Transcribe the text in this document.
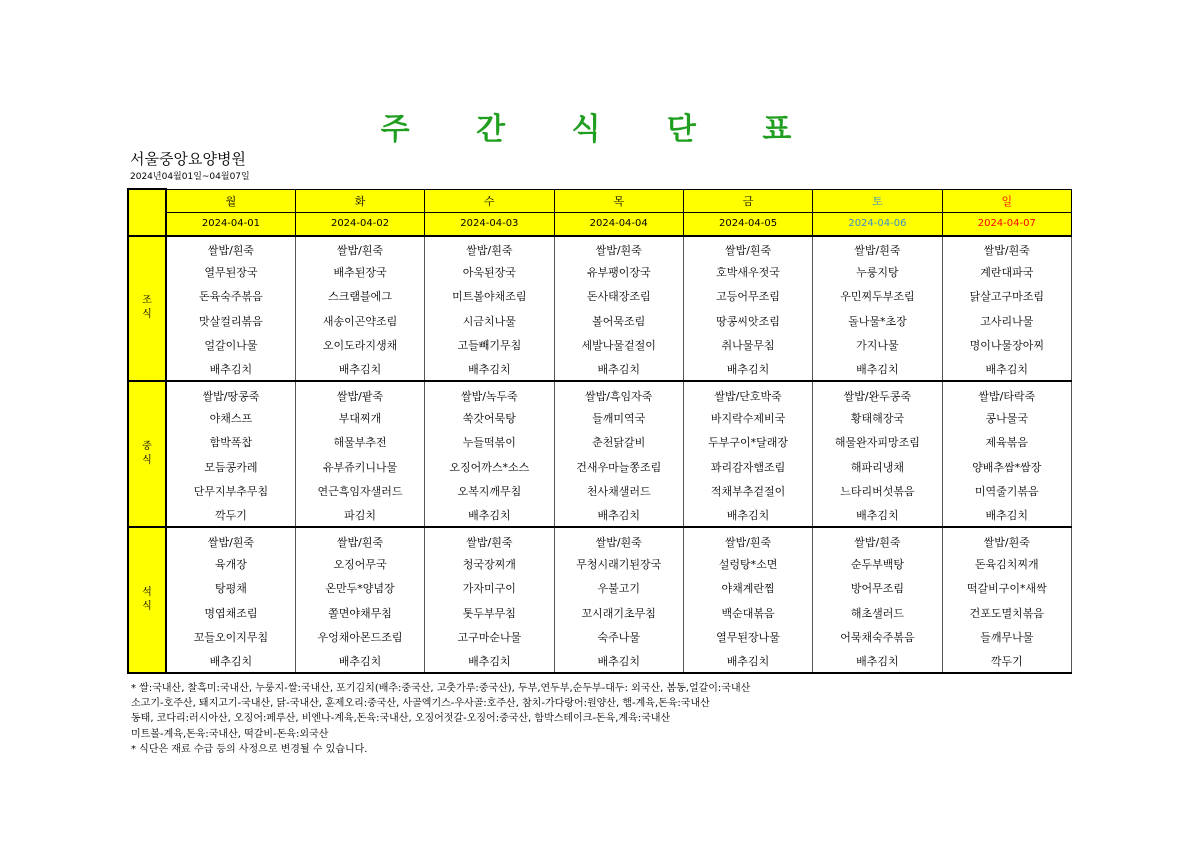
주 간 식 단 표
서울중앙요양병원
2024년04월01일~04월07일
	월	화	수	목	금	토	일
	2024-04-01	2024-04-02	2024-04-03	2024-04-04	2024-04-05	2024-04-06	2024-04-07

조
식	쌀밥/흰죽	쌀밥/흰죽	쌀밥/흰죽	쌀밥/흰죽	쌀밥/흰죽	쌀밥/흰죽	쌀밥/흰죽
	열무된장국	배추된장국	아욱된장국	유부팽이장국	호박새우젓국	누룽지탕	계란대파국
	돈육숙주볶음	스크램블에그	미트볼야채조림	돈사태장조림	고등어무조림	우민찌두부조림	닭살고구마조림
	맛살컬리볶음	새송이곤약조림	시금치나물	볼어묵조림	땅콩씨앗조림	돌나물*초장	고사리나물
	얼갈이나물	오이도라지생채	고들빼기무침	세발나물겉절이	취나물무침	가지나물	명이나물장아찌
	배추김치	배추김치	배추김치	배추김치	배추김치	배추김치	배추김치

중
식	쌀밥/땅콩죽	쌀밥/팥죽	쌀밥/녹두죽	쌀밥/흑임자죽	쌀밥/단호박죽	쌀밥/완두콩죽	쌀밥/타락죽
	야채스프	부대찌개	쑥갓어묵탕	들깨미역국	바지락수제비국	황태해장국	콩나물국
	함박폭찹	해물부추전	누들떡볶이	춘천닭갈비	두부구이*달래장	해물완자피망조림	제육볶음
	모듬콩카레	유부쥬키니나물	오징어까스*소스	건새우마늘쫑조림	꽈리감자햄조림	해파리냉채	양배추쌈*쌈장
	단무지부추무침	연근흑임자샐러드	오복지깨무침	천사채샐러드	적채부추겉절이	느타리버섯볶음	미역줄기볶음
	깍두기	파김치	배추김치	배추김치	배추김치	배추김치	배추김치

석
식	쌀밥/흰죽	쌀밥/흰죽	쌀밥/흰죽	쌀밥/흰죽	쌀밥/흰죽	쌀밥/흰죽	쌀밥/흰죽
	육개장	오징어무국	청국장찌개	무청시래기된장국	설렁탕*소면	순두부백탕	돈육김치찌개
	탕평채	온만두*양념장	가자미구이	우불고기	야채계란찜	방어무조림	떡갈비구이*새싹
	명엽채조림	쫄면야채무침	톳두부무침	꼬시래기초무침	백순대볶음	해초샐러드	건포도멸치볶음
	꼬들오이지무침	우엉채아몬드조림	고구마순나물	숙주나물	열무된장나물	어묵채숙주볶음	들깨무나물
	배추김치	배추김치	배추김치	배추김치	배추김치	배추김치	깍두기
* 쌀:국내산, 찰흑미:국내산, 누룽지-쌀:국내산, 포기김치(배추:중국산, 고춧가루:중국산), 두부,연두부,순두부-대두: 외국산, 봄동,얼갈이:국내산
소고기-호주산, 돼지고기-국내산, 닭-국내산, 훈제오리:중국산, 사골엑기스-우사골:호주산, 참치-가다랑어:원양산, 햄-계육,돈육:국내산
동태, 코다리:러시아산, 오징어:페루산, 비엔나-계육,돈육:국내산, 오징어젓갈-오징어:중국산, 함박스테이크-돈육,계육:국내산
미트볼-계육,돈육:국내산, 떡갈비-돈육:외국산
* 식단은 재료 수급 등의 사정으로 변경될 수 있습니다.
